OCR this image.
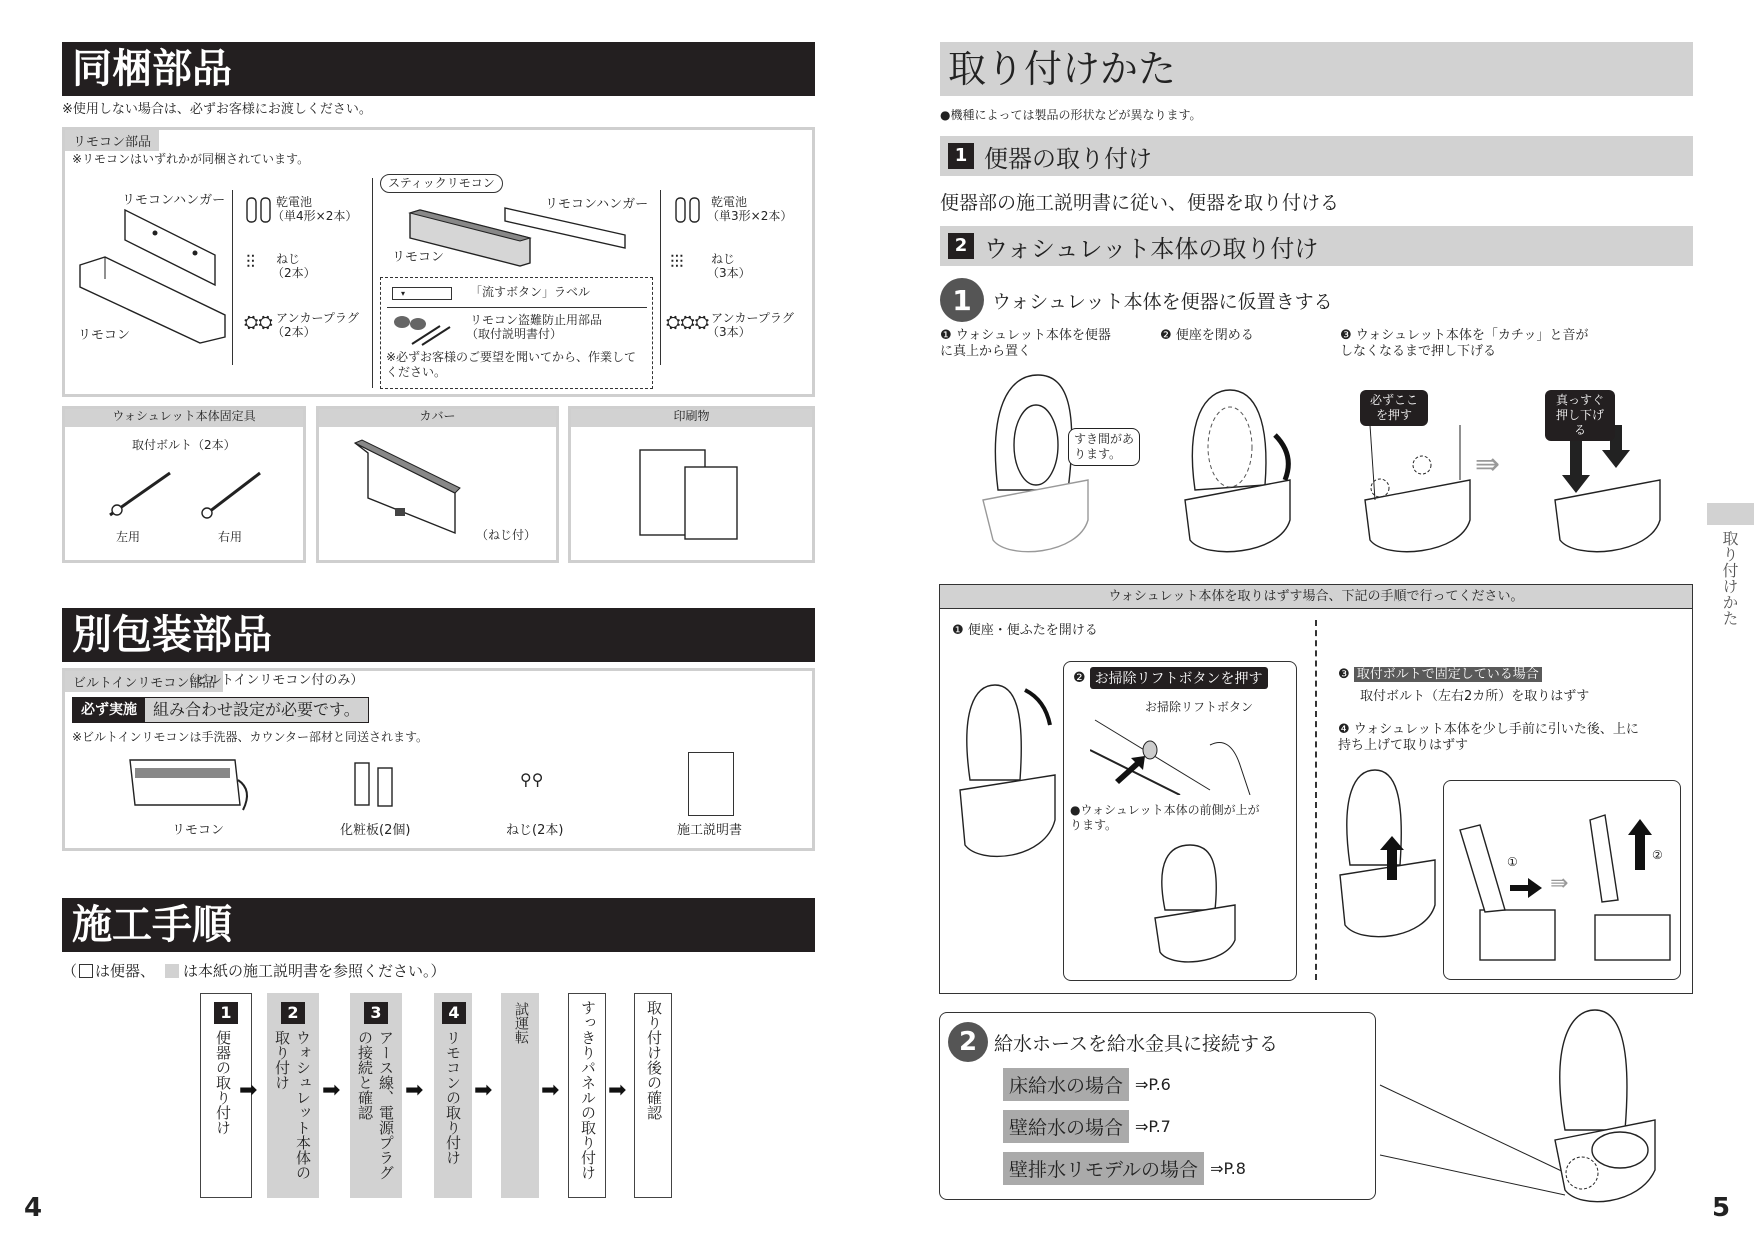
同梱部品
※使用しない場合は、必ずお客様にお渡しください。
リモコン部品
※リモコンはいずれかが同梱されています。
リモコンハンガー
リモコン
乾電池
（単4形×2本）
⫶⫶ ねじ
（2本）
⛭⛭ アンカープラグ
（2本）
スティックリモコン
リモコンハンガー
リモコン
▾	「流すボタン」ラベル
リモコン盗難防止用部品
（取付説明書付）
※必ずお客様のご要望を聞いてから、作業してください。
乾電池
（単3形×2本）
⫶⫶⫶ ねじ
（3本）
⛭⛭⛭ アンカープラグ
（3本）
ウォシュレット本体固定具
取付ボルト（2本）
左用	右用
カバー
（ねじ付）
印刷物
別包装部品
ビルトインリモコン部品
（ビルトインリモコン付のみ）
必ず実施	組み合わせ設定が必要です。
※ビルトインリモコンは手洗器、カウンター部材と同送されます。
リモコン	化粧板(2個)
⚲⚲
ねじ(2本)	施工説明書
施工手順
（ は便器、 は本紙の施工説明書を参照ください。）
1
便器の取り付け ➡
2
ウォシュレット本体の取り付け
➡
3
アース線、電源プラグの接続と確認	➡
4
リモコンの取り付け ➡
試運転
➡ すっきりパネルの取り付け ➡ 取り付け後の確認
4
取り付けかた
●機種によっては製品の形状などが異なります。
1 便器の取り付け
便器部の施工説明書に従い、便器を取り付ける
2 ウォシュレット本体の取り付け
1	ウォシュレット本体を便器に仮置きする
❶ ウォシュレット本体を便器に真上から置く
❷ 便座を閉める	❸ ウォシュレット本体を「カチッ」と音がしなくなるまで押し下げる
すき間があります。
必ずここを押す
⇛
真っすぐ押し下げる
ウォシュレット本体を取りはずす場合、下記の手順で行ってください。
❶ 便座・便ふたを開ける
❷ お掃除リフトボタンを押す
お掃除リフトボタン
●ウォシュレット本体の前側が上がります。
❸ 取付ボルトで固定している場合
取付ボルト（左右2カ所）を取りはずす
❹ ウォシュレット本体を少し手前に引いた後、上に持ち上げて取りはずす
⇛
①	②
2 給水ホースを給水金具に接続する
床給水の場合 ⇒P.6
壁給水の場合 ⇒P.7
壁排水リモデルの場合 ⇒P.8
取り付けかた
5
